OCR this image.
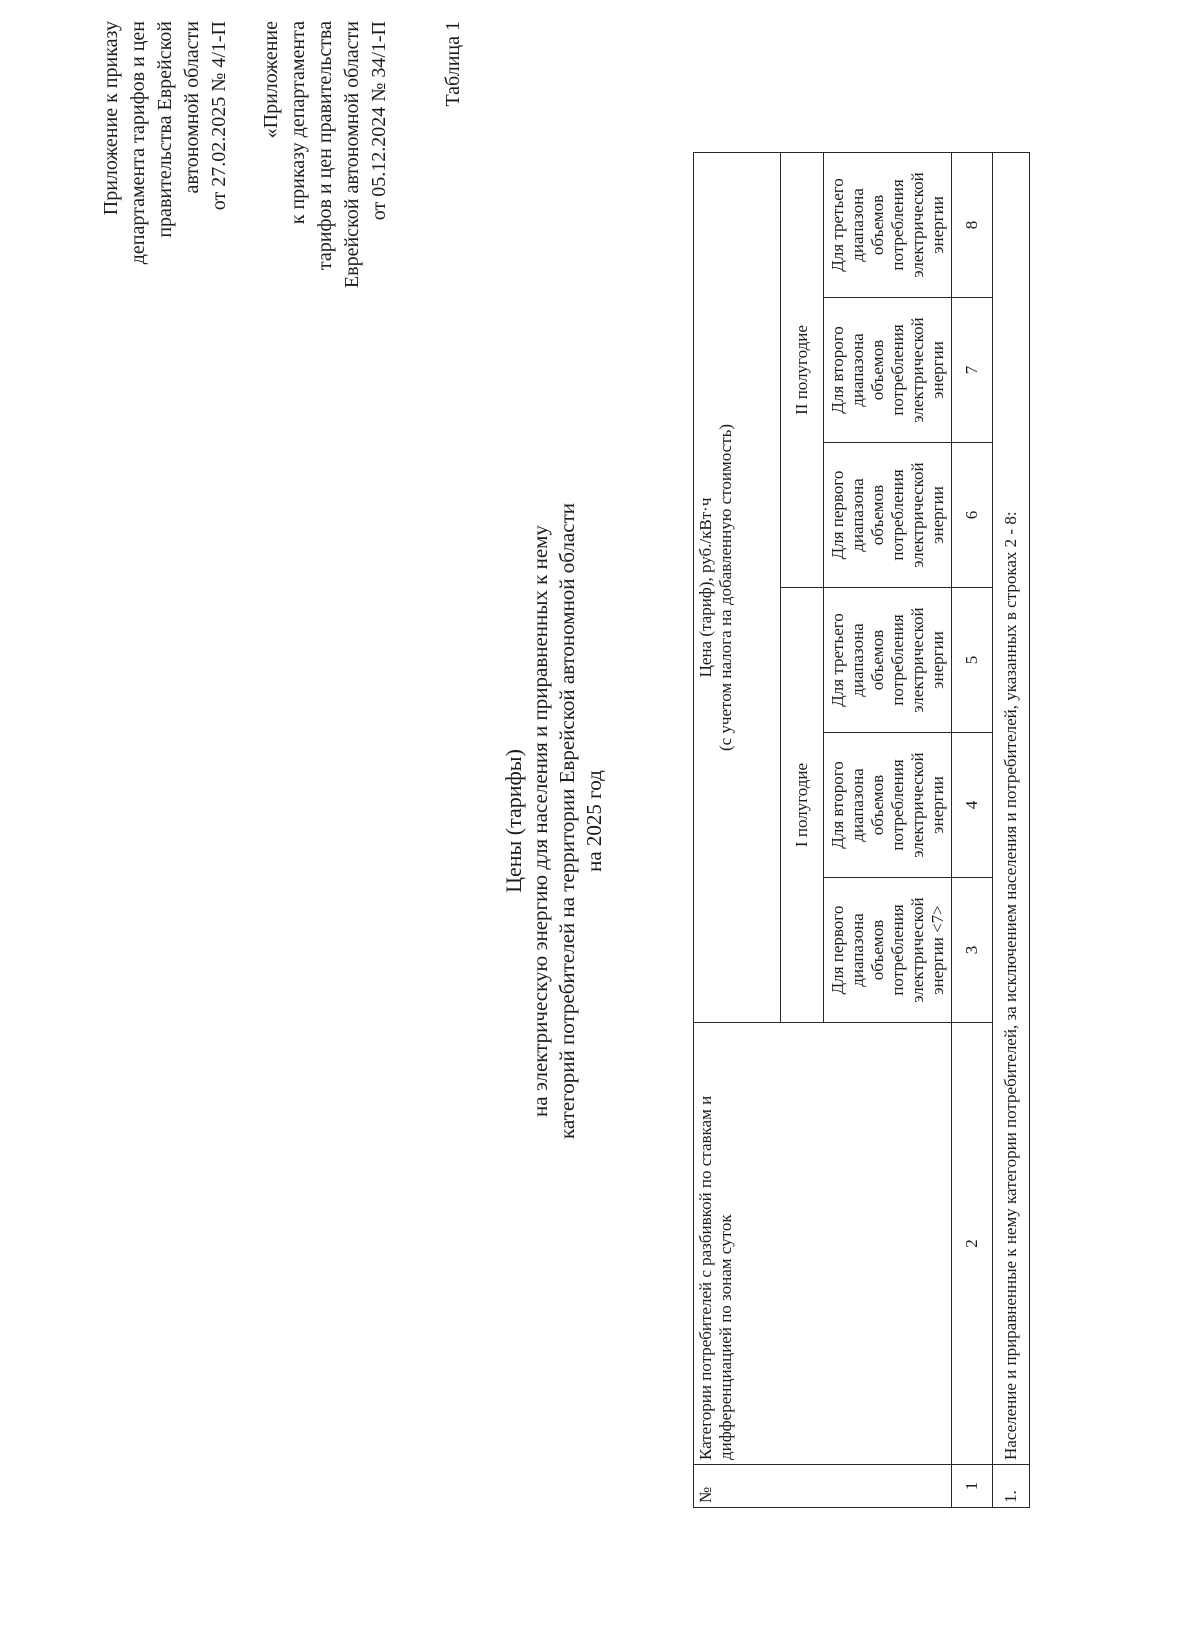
Приложение к приказу департамента тарифов и цен правительства Еврейской автономной области от 27.02.2025 № 4/1-П «Приложение к приказу департамента тарифов и цен правительства Еврейской автономной области от 05.12.2024 № 34/1-П	Таблица 1
Цены (тарифы) на электрическую энергию для населения и приравненных к нему категорий потребителей на территории Еврейской автономной области на 2025 год
№	Категории потребителей с разбивкой по ставкам и дифференциацией по зонам суток	Цена (тариф), руб./кВт·ч (с учетом налога на добавленную стоимость)					

		I полугодие			II полугодие		
		Для первого диапазона объемов потребления электрической энергии <7>	Для второго диапазона объемов потребления электрической энергии	Для третьего диапазона объемов потребления электрической энергии	Для первого диапазона объемов потребления электрической энергии	Для второго диапазона объемов потребления электрической энергии	Для третьего диапазона объемов потребления электрической энергии
1	2	3	4	5	6	7	8
1.	Население и приравненные к нему категории потребителей, за исключением населения и потребителей, указанных в строках 2 - 8:						
